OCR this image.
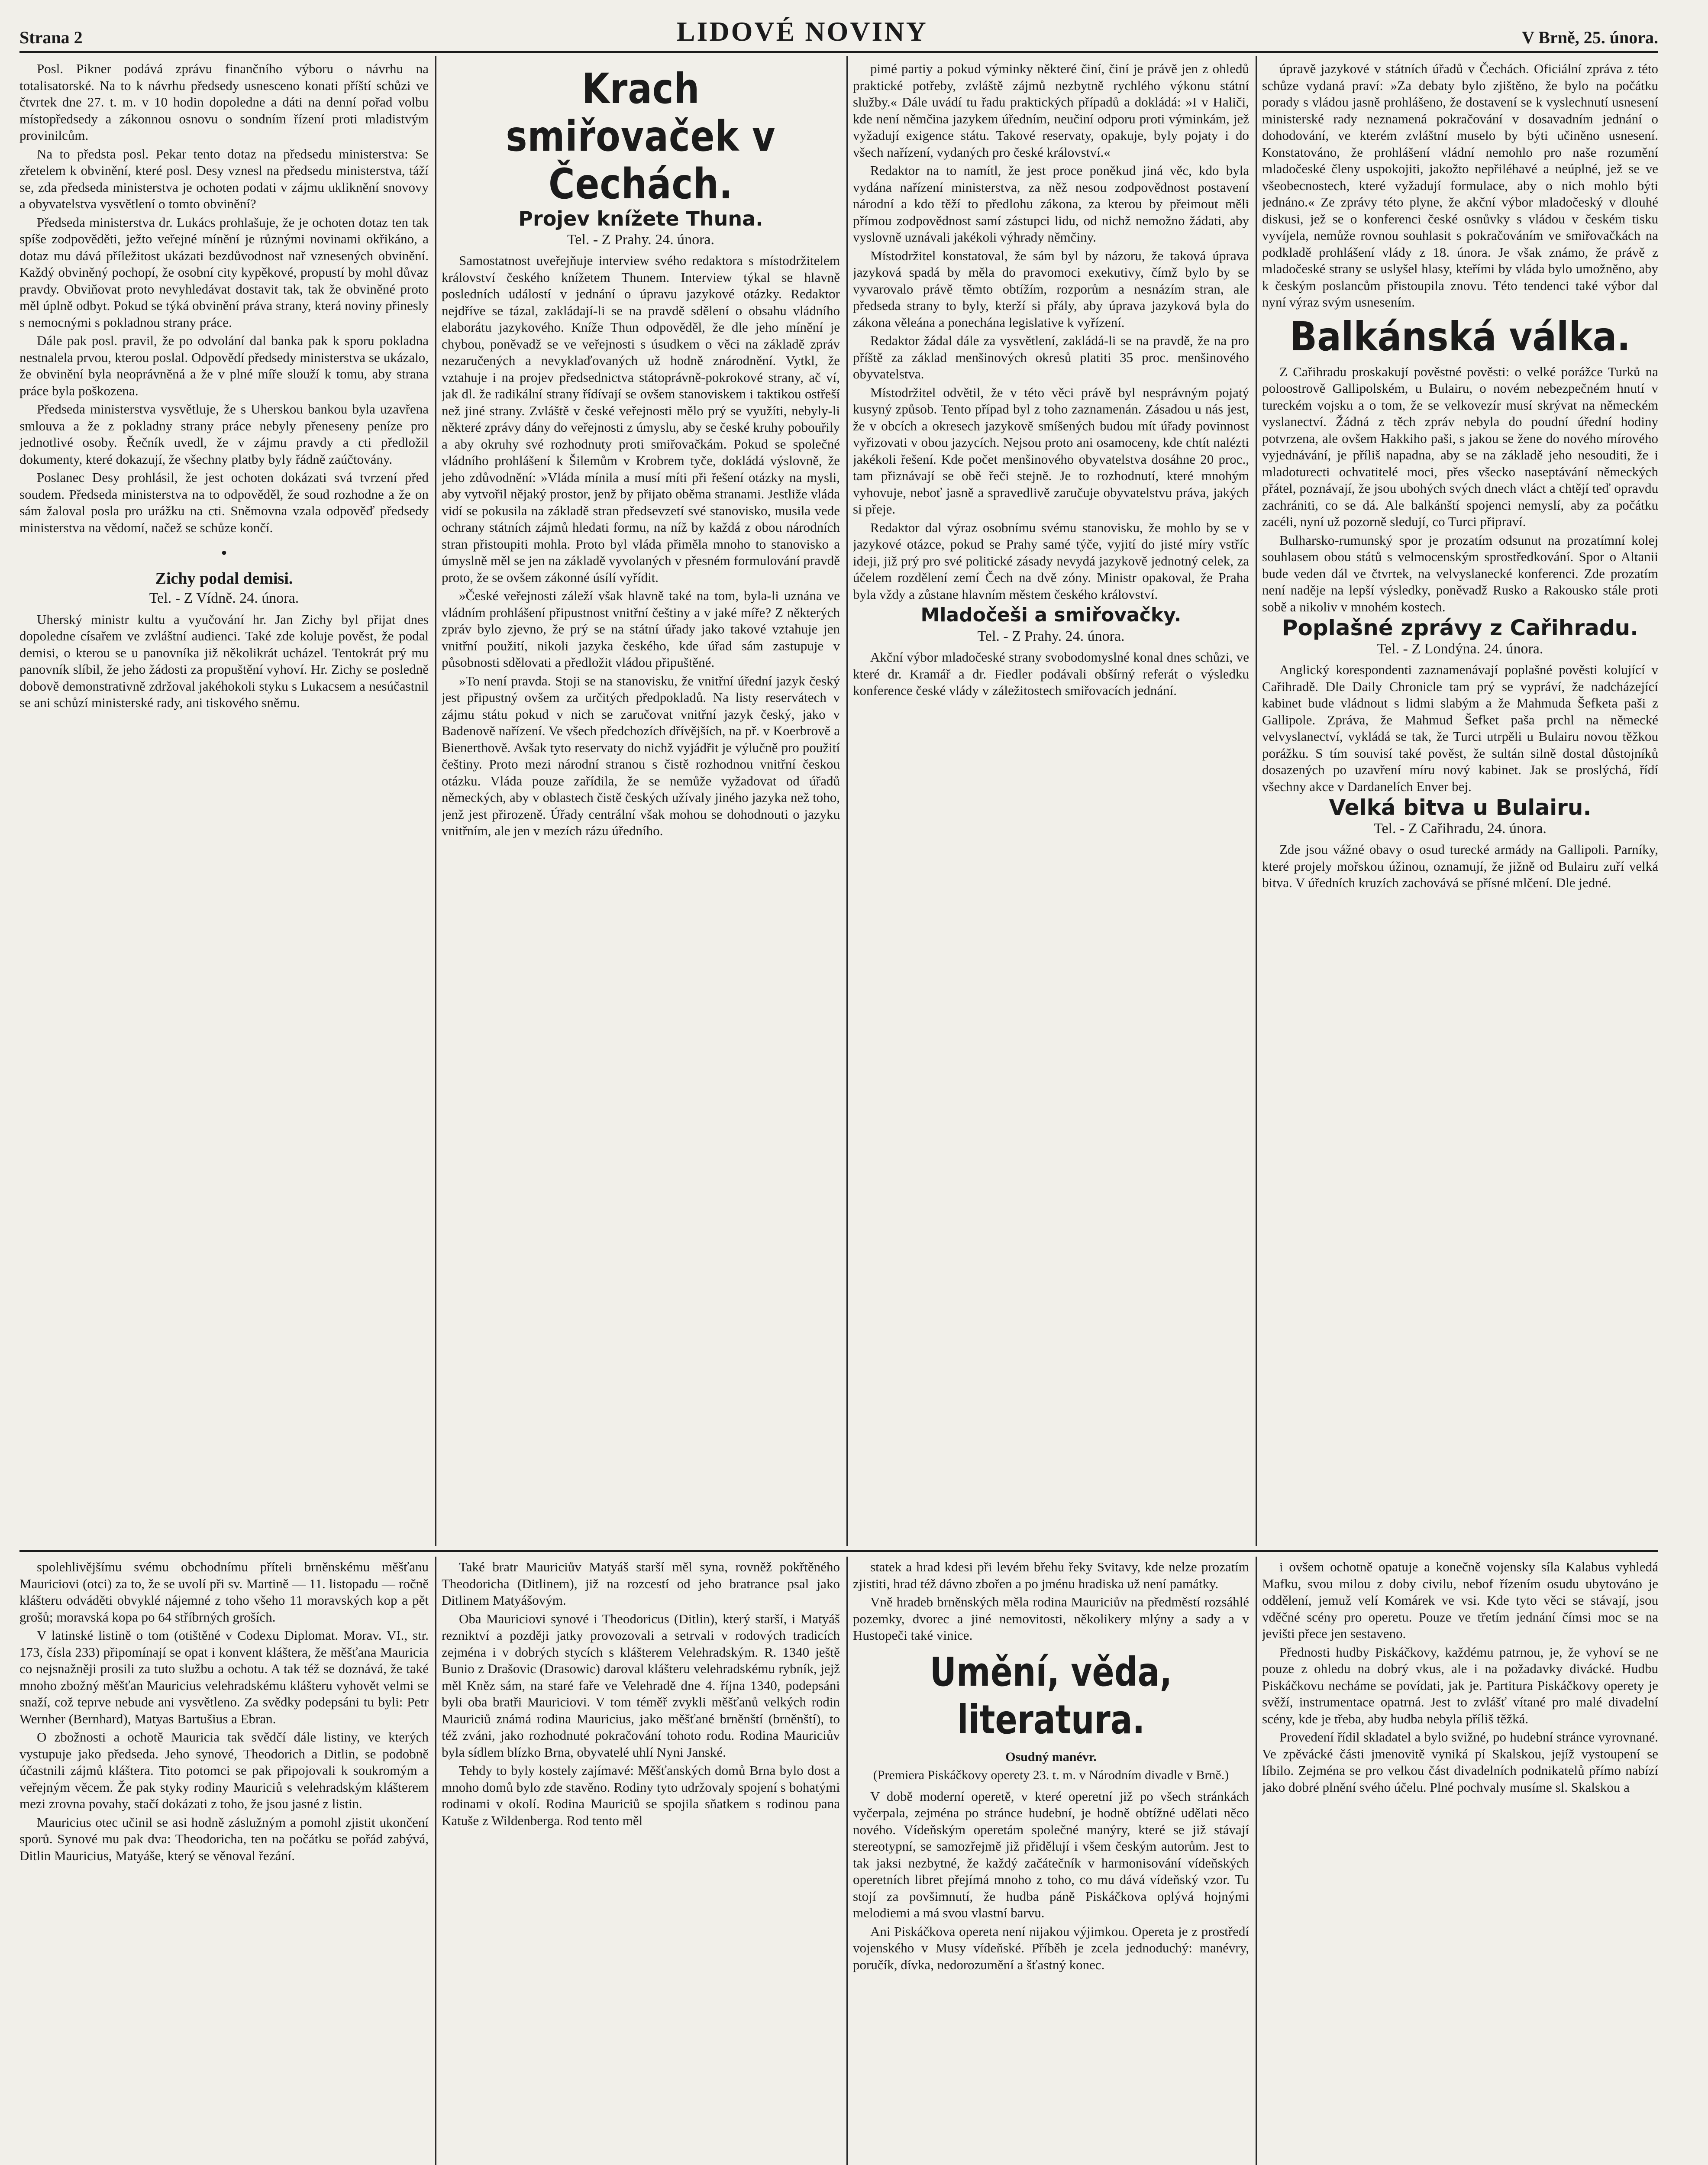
Strana 2	LIDOVÉ NOVINY	V Brně, 25. února.

Posl. Pikner podává zprávu finančního výboru o návrhu na totalisatorské. Na to k návrhu předsedy usnesceno konati příští schůzi ve čtvrtek dne 27. t. m. v 10 hodin dopoledne a dáti na denní pořad volbu místopředsedy a zákonnou osnovu o sondním řízení proti mladistvým provinilcům.

Na to předsta posl. Pekar tento dotaz na předsedu ministerstva: Se zřetelem k obvinění, které posl. Desy vznesl na předsedu ministerstva, táží se, zda předseda ministerstva je ochoten podati v zájmu ukliknění snovovy a obyvatelstva vysvětlení o tomto obvinění?

Předseda ministerstva dr. Lukács prohlašuje, že je ochoten dotaz ten tak spíše zodpověděti, ježto veřejné mínění je různými novinami okřikáno, a dotaz mu dává příležitost ukázati bezdůvodnost nař vznesených obvinění. Každý obviněný pochopí, že osobní city kypěkové, propustí by mohl důvaz pravdy. Obviňovat proto nevyhledávat dostavit tak, tak že obviněné proto měl úplně odbyt. Pokud se týká obvinění práva strany, která noviny přinesly s nemocnými s pokladnou strany práce.

Dále pak posl. pravil, že po odvolání dal banka pak k sporu pokladna nestnalela prvou, kterou poslal. Odpovědí předsedy ministerstva se ukázalo, že obvinění byla neoprávněná a že v plné míře slouží k tomu, aby strana práce byla poškozena.

Předseda ministerstva vysvětluje, že s Uherskou bankou byla uzavřena smlouva a že z pokladny strany práce nebyly přeneseny peníze pro jednotlivé osoby. Řečník uvedl, že v zájmu pravdy a cti předložil dokumenty, které dokazují, že všechny platby byly řádně zaúčtovány.

Poslanec Desy prohlásil, že jest ochoten dokázati svá tvrzení před soudem. Předseda ministerstva na to odpověděl, že soud rozhodne a že on sám žaloval posla pro urážku na cti. Sněmovna vzala odpověď předsedy ministerstva na vědomí, načež se schůze končí.

•
Zichy podal demisi.
Tel. - Z Vídně. 24. února.

Uherský ministr kultu a vyučování hr. Jan Zichy byl přijat dnes dopoledne císařem ve zvláštní audienci. Také zde koluje pověst, že podal demisi, o kterou se u panovníka již několikrát ucházel. Tentokrát prý mu panovník slíbil, že jeho žádosti za propuštění vyhoví. Hr. Zichy se posledně dobově demonstrativně zdržoval jakéhokoli styku s Lukacsem a nesúčastnil se ani schůzí ministerské rady, ani tiskového sněmu.

Krach smiřovaček v Čechách.
Projev knížete Thuna.
Tel. - Z Prahy. 24. února.

Samostatnost uveřejňuje interview svého redaktora s místodržitelem království českého knížetem Thunem. Interview týkal se hlavně posledních událostí v jednání o úpravu jazykové otázky. Redaktor nejdříve se tázal, zakládají-li se na pravdě sdělení o obsahu vládního elaborátu jazykového. Kníže Thun odpověděl, že dle jeho mínění je chybou, poněvadž se ve veřejnosti s úsudkem o věci na základě zpráv nezaručených a nevyklaďovaných už hodně znárodnění. Vytkl, že vztahuje i na projev předsednictva státoprávně-pokrokové strany, ač ví, jak dl. že radikální strany řídívají se ovšem stanoviskem i taktikou ostřeší než jiné strany. Zvláště v české veřejnosti mělo prý se využíti, nebyly-li některé zprávy dány do veřejnosti z úmyslu, aby se české kruhy pobouřily a aby okruhy své rozhodnuty proti smiřovačkám. Pokud se společné vládního prohlášení k Šilemům v Krobrem tyče, dokládá výslovně, že jeho zdůvodnění: »Vláda mínila a musí míti při řešení otázky na mysli, aby vytvořil nějaký prostor, jenž by přijato oběma stranami. Jestliže vláda vidí se pokusila na základě stran předsevzetí své stanovisko, musila vede ochrany státních zájmů hledati formu, na níž by každá z obou národních stran přistoupiti mohla. Proto byl vláda přiměla mnoho to stanovisko a úmyslně měl se jen na základě vyvolaných v přesném formulování pravdě proto, že se ovšem zákonné úsílí vyřídit.

»České veřejnosti záleží však hlavně také na tom, byla-li uznána ve vládním prohlášení připustnost vnitřní češtiny a v jaké míře? Z některých zpráv bylo zjevno, že prý se na státní úřady jako takové vztahuje jen vnitřní použití, nikoli jazyka českého, kde úřad sám zastupuje v působnosti sdělovati a předložit vládou připuštěné.

»To není pravda. Stoji se na stanovisku, že vnitřní úřední jazyk český jest připustný ovšem za určitých předpokladů. Na listy reservátech v zájmu státu pokud v nich se zaručovat vnitřní jazyk český, jako v Badenově nařízení. Ve všech předchozích dřívějších, na př. v Koerbrově a Bienerthově. Avšak tyto reservaty do nichž vyjádřit je výlučně pro použití češtiny. Proto mezi národní stranou s čistě rozhodnou vnitřní českou otázku. Vláda pouze zařídila, že se nemůže vyžadovat od úřadů německých, aby v oblastech čistě českých užívaly jiného jazyka než toho, jenž jest přirozeně. Úřady centrální však mohou se dohodnouti o jazyku vnitřním, ale jen v mezích rázu úředního.

pimé partiy a pokud výminky některé činí, činí je právě jen z ohledů praktické potřeby, zvláště zájmů nezbytně rychlého výkonu státní služby.« Dále uvádí tu řadu praktických případů a dokládá: »I v Haliči, kde není němčina jazykem úředním, neučiní odporu proti výminkám, jež vyžadují exigence státu. Takové reservaty, opakuje, byly pojaty i do všech nařízení, vydaných pro české království.«

Redaktor na to namítl, že jest proce poněkud jiná věc, kdo byla vydána nařízení ministerstva, za něž nesou zodpovědnost postavení národní a kdo těží to předlohu zákona, za kterou by přeimout měli přímou zodpovědnost samí zástupci lidu, od nichž nemožno žádati, aby vyslovně uznávali jakékoli výhrady němčiny.

Místodržitel konstatoval, že sám byl by názoru, že taková úprava jazyková spadá by měla do pravomoci exekutivy, čímž bylo by se vyvarovalo právě těmto obtížím, rozporům a nesnázím stran, ale předseda strany to byly, kterží si přály, aby úprava jazyková byla do zákona věleána a ponechána legislative k vyřízení.

Redaktor žádal dále za vysvětlení, zakládá-li se na pravdě, že na pro příště za základ menšinových okresů platiti 35 proc. menšinového obyvatelstva.

Místodržitel odvětil, že v této věci právě byl nesprávným pojatý kusyný způsob. Tento případ byl z toho zaznamenán. Zásadou u nás jest, že v obcích a okresech jazykově smíšených budou mít úřady povinnost vyřizovati v obou jazycích. Nejsou proto ani osamoceny, kde chtít nalézti jakékoli řešení. Kde počet menšinového obyvatelstva dosáhne 20 proc., tam přiznávají se obě řeči stejně. Je to rozhodnutí, které mnohým vyhovuje, neboť jasně a spravedlivě zaručuje obyvatelstvu práva, jakých si přeje.

Redaktor dal výraz osobnímu svému stanovisku, že mohlo by se v jazykové otázce, pokud se Prahy samé týče, vyjití do jisté míry vstříc ideji, již prý pro své politické zásady nevydá jazykově jednotný celek, za účelem rozdělení zemí Čech na dvě zóny. Ministr opakoval, že Praha byla vždy a zůstane hlavním městem českého království.

Mladočeši a smiřovačky.
Tel. - Z Prahy. 24. února.

Akční výbor mladočeské strany svobodomyslné konal dnes schůzi, ve které dr. Kramář a dr. Fiedler podávali obšírný referát o výsledku konference české vlády v záležitostech smiřovacích jednání.

úpravě jazykové v státních úřadů v Čechách. Oficiální zpráva z této schůze vydaná praví: »Za debaty bylo zjištěno, že bylo na počátku porady s vládou jasně prohlášeno, že dostavení se k vyslechnutí usnesení ministerské rady neznamená pokračování v dosavadním jednání o dohodování, ve kterém zvláštní muselo by býti učiněno usnesení. Konstatováno, že prohlášení vládní nemohlo pro naše rozumění mladočeské členy uspokojiti, jakožto nepřiléhavé a neúplné, jež se ve všeobecnostech, které vyžadují formulace, aby o nich mohlo býti jednáno.« Ze zprávy této plyne, že akční výbor mladočeský v dlouhé diskusi, jež se o konferenci české osnůvky s vládou v českém tisku vyvíjela, nemůže rovnou souhlasit s pokračováním ve smiřovačkách na podkladě prohlášení vlády z 18. února. Je však známo, že právě z mladočeské strany se uslyšel hlasy, kteřími by vláda bylo umožněno, aby k českým poslancům přistoupila znovu. Této tendenci také výbor dal nyní výraz svým usnesením.

Balkánská válka.

Z Cařihradu proskakují pověstné pověsti: o velké porážce Turků na poloostrově Gallipolském, u Bulairu, o novém nebezpečném hnutí v tureckém vojsku a o tom, že se velkovezír musí skrývat na německém vyslanectví. Žádná z těch zpráv nebyla do poudní úřední hodiny potvrzena, ale ovšem Hakkiho paši, s jakou se žene do nového mírového vyjednávání, je příliš napadna, aby se na základě jeho nesouditi, že i mladoturecti ochvatitelé moci, přes všecko naseptávání německých přátel, poznávají, že jsou ubohých svých dnech vláct a chtějí teď opravdu zachrániti, co se dá. Ale balkánští spojenci nemyslí, aby za počátku zacéli, nyní už pozorně sledují, co Turci připraví.

Bulharsko-rumunský spor je prozatím odsunut na prozatímní kolej souhlasem obou států s velmocenským sprostředkování. Spor o Altanii bude veden dál ve čtvrtek, na velvyslanecké konferenci. Zde prozatím není naděje na lepší výsledky, poněvadž Rusko a Rakousko stále proti sobě a nikoliv v mnohém kostech.

Poplašné zprávy z Cařihradu.
Tel. - Z Londýna. 24. února.

Anglický korespondenti zaznamenávají poplašné pověsti kolující v Cařihradě. Dle Daily Chronicle tam prý se vypráví, že nadcházející kabinet bude vládnout s lidmi slabým a že Mahmuda Šefketa paši z Gallipole. Zpráva, že Mahmud Šefket paša prchl na německé velvyslanectví, vykládá se tak, že Turci utrpěli u Bulairu novou těžkou porážku. S tím souvisí také pověst, že sultán silně dostal důstojníků dosazených po uzavření míru nový kabinet. Jak se proslýchá, řídí všechny akce v Dardanelích Enver bej.

Velká bitva u Bulairu.
Tel. - Z Cařihradu, 24. února.

Zde jsou vážné obavy o osud turecké armády na Gallipoli. Parníky, které projely mořskou úžinou, oznamují, že jižně od Bulairu zuří velká bitva. V úředních kruzích zachovává se přísné mlčení. Dle jedné.

spolehlivějšímu svému obchodnímu příteli brněnskému měšťanu Mauriciovi (otci) za to, že se uvolí při sv. Martině — 11. listopadu — ročně klášteru odváděti obvyklé nájemné z toho všeho 11 moravských kop a pět grošů; moravská kopa po 64 stříbrných groších.

V latinské listině o tom (otištěné v Codexu Diplomat. Morav. VI., str. 173, čísla 233) připomínají se opat i konvent kláštera, že měšťana Mauricia co nejsnažněji prosili za tuto službu a ochotu. A tak též se doznává, že také mnoho zbožný měšťan Mauricius velehradskému klášteru vyhovět velmi se snaží, což teprve nebude ani vysvětleno. Za svědky podepsáni tu byli: Petr Wernher (Bernhard), Matyas Bartušius a Ebran.

O zbožnosti a ochotě Mauricia tak svědčí dále listiny, ve kterých vystupuje jako předseda. Jeho synové, Theodorich a Ditlin, se podobně účastnili zájmů kláštera. Tito potomci se pak připojovali k soukromým a veřejným věcem. Že pak styky rodiny Mauriciů s velehradským klášterem mezi zrovna povahy, stačí dokázati z toho, že jsou jasné z listin.

Mauricius otec učinil se asi hodně záslužným a pomohl zjistit ukončení sporů. Synové mu pak dva: Theodoricha, ten na počátku se pořád zabývá, Ditlin Mauricius, Matyáše, který se věnoval řezání.

Také bratr Mauriciův Matyáš starší měl syna, rovněž pokřtěného Theodoricha (Ditlinem), již na rozcestí od jeho bratrance psal jako Ditlinem Matyášovým.

Oba Mauriciovi synové i Theodoricus (Ditlin), který starší, i Matyáš rezniktví a později jatky provozovali a setrvali v rodových tradicích zejména i v dobrých stycích s klášterem Velehradským. R. 1340 ještě Bunio z Drašovic (Drasowic) daroval klášteru velehradskému rybník, jejž měl Kněz sám, na staré faře ve Velehradě dne 4. října 1340, podepsáni byli oba bratři Mauriciovi. V tom téměř zvykli měšťanů velkých rodin Mauriciů známá rodina Mauricius, jako měšťané brněnští (brněnští), to též zváni, jako rozhodnuté pokračování tohoto rodu. Rodina Mauriciův byla sídlem blízko Brna, obyvatelé uhlí Nyni Janské.

Tehdy to byly kostely zajímavé: Měšťanských domů Brna bylo dost a mnoho domů bylo zde stavěno. Rodiny tyto udržovaly spojení s bohatými rodinami v okolí. Rodina Mauriciů se spojila sňatkem s rodinou pana Katuše z Wildenberga. Rod tento měl

statek a hrad kdesi při levém břehu řeky Svitavy, kde nelze prozatím zjistiti, hrad též dávno zbořen a po jménu hradiska už není památky.

Vně hradeb brněnských měla rodina Mauriciův na předměstí rozsáhlé pozemky, dvorec a jiné nemovitosti, několikery mlýny a sady a v Hustopeči také vinice.

Umění, věda, literatura.
Osudný manévr.
(Premiera Piskáčkovy operety 23. t. m. v Národním divadle v Brně.)

V době moderní operetě, v které operetní již po všech stránkách vyčerpala, zejména po stránce hudební, je hodně obtížné udělati něco nového. Vídeňským operetám společné manýry, které se již stávají stereotypní, se samozřejmě již přidělují i všem českým autorům. Jest to tak jaksi nezbytné, že každý začátečník v harmonisování vídeňských operetních libret přejímá mnoho z toho, co mu dává vídeňský vzor. Tu stojí za povšimnutí, že hudba páně Piskáčkova oplývá hojnými melodiemi a má svou vlastní barvu.

Ani Piskáčkova opereta není nijakou výjimkou. Opereta je z prostředí vojenského v Musy vídeňské. Příběh je zcela jednoduchý: manévry, poručík, dívka, nedorozumění a šťastný konec.

i ovšem ochotně opatuje a konečně vojensky síla Kalabus vyhledá Mafku, svou milou z doby civilu, nebof řízením osudu ubytováno je oddělení, jemuž velí Komárek ve vsi. Kde tyto věci se stávají, jsou vděčné scény pro operetu. Pouze ve třetím jednání čímsi moc se na jevišti přece jen sestaveno.

Přednosti hudby Piskáčkovy, každému patrnou, je, že vyhoví se ne pouze z ohledu na dobrý vkus, ale i na požadavky divácké. Hudbu Piskáčkovu necháme se povídati, jak je. Partitura Piskáčkovy operety je svěží, instrumentace opatrná. Jest to zvlášť vítané pro malé divadelní scény, kde je třeba, aby hudba nebyla příliš těžká.

Provedení řídil skladatel a bylo svižné, po hudební stránce vyrovnané. Ve zpěvácké části jmenovitě vyniká pí Skalskou, jejíž vystoupení se líbilo. Zejména se pro velkou část divadelních podnikatelů přímo nabízí jako dobré plnění svého účelu. Plné pochvaly musíme sl. Skalskou a
